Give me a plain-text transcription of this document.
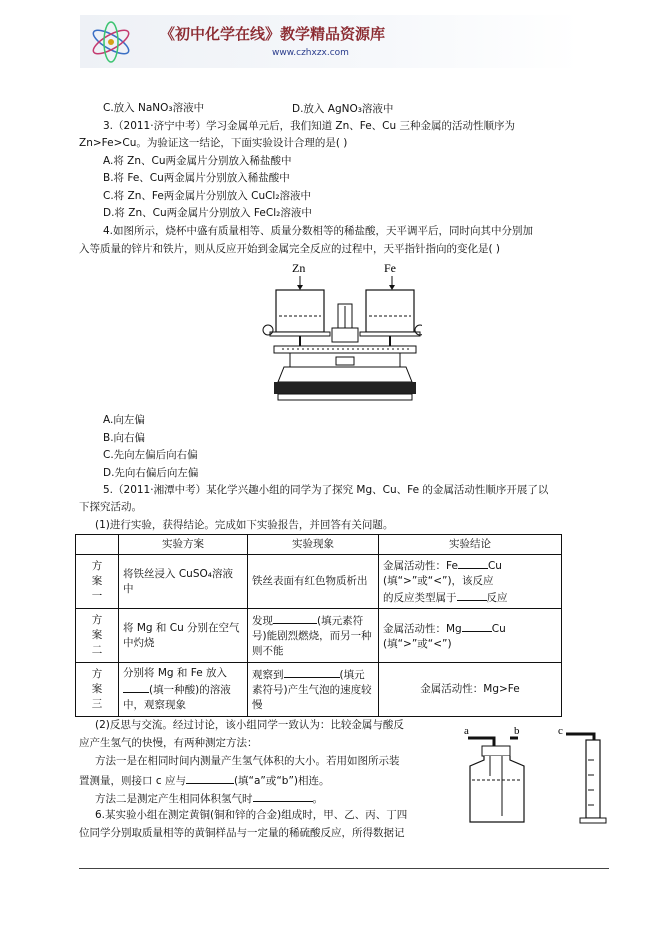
《初中化学在线》教学精品资源库
www.czhxzx.com
C.放入 NaNO₃溶液中	D.放入 AgNO₃溶液中
3.（2011·济宁中考）学习金属单元后，我们知道 Zn、Fe、Cu 三种金属的活动性顺序为
Zn>Fe>Cu。为验证这一结论，下面实验设计合理的是( )
A.将 Zn、Cu两金属片分别放入稀盐酸中
B.将 Fe、Cu两金属片分别放入稀盐酸中
C.将 Zn、Fe两金属片分别放入 CuCl₂溶液中
D.将 Zn、Cu两金属片分别放入 FeCl₂溶液中
4.如图所示，烧杯中盛有质量相等、质量分数相等的稀盐酸，天平调平后，同时向其中分别加
入等质量的锌片和铁片，则从反应开始到金属完全反应的过程中，天平指针指向的变化是( )
Zn	Fe
A.向左偏
B.向右偏
C.先向左偏后向右偏
D.先向右偏后向左偏
5.（2011·湘潭中考）某化学兴趣小组的同学为了探究 Mg、Cu、Fe 的金属活动性顺序开展了以
下探究活动。
(1)进行实验，获得结论。完成如下实验报告，并回答有关问题。
	实验方案	实验现象	实验结论
方案一	将铁丝浸入 CuSO₄溶液中	铁丝表面有红色物质析出	金属活动性：Fe Cu
(填“>”或“<”)，该反应
的反应类型属于 反应
方案二	将 Mg 和 Cu 分别在空气中灼烧	发现 (填元素符号)能剧烈燃烧，而另一种则不能	金属活动性：Mg Cu
(填“>”或“<”)
方案三	分别将 Mg 和 Fe 放入(填一种酸)的溶液中，观察现象	观察到 (填元素符号)产生气泡的速度较慢	金属活动性：Mg>Fe
(2)反思与交流。经过讨论，该小组同学一致认为：比较金属与酸反
应产生氢气的快慢，有两种测定方法：
方法一是在相同时间内测量产生氢气体积的大小。若用如图所示装
置测量，则接口 c 应与	(填“a”或“b”)相连。
方法二是测定产生相同体积氢气时	。
6.某实验小组在测定黄铜(铜和锌的合金)组成时，甲、乙、丙、丁四
位同学分别取质量相等的黄铜样品与一定量的稀硫酸反应，所得数据记
a	b	c
